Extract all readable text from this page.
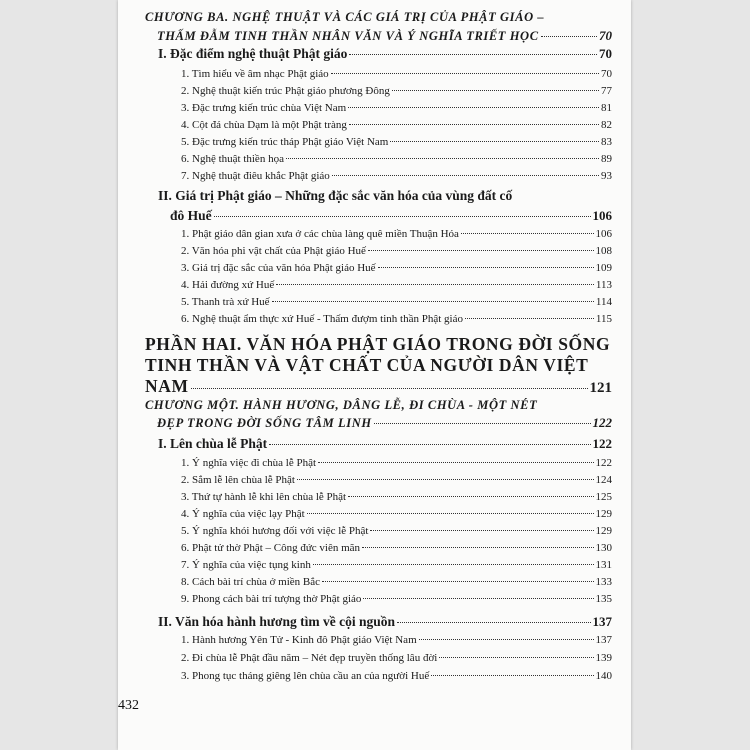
CHƯƠNG BA. NGHỆ THUẬT VÀ CÁC GIÁ TRỊ CỦA PHẬT GIÁO –
THẤM ĐẪM TINH THẦN NHÂN VĂN VÀ Ý NGHĨA TRIẾT HỌC	70
I. Đặc điểm nghệ thuật Phật giáo	70
1. Tìm hiểu về âm nhạc Phật giáo	70
2. Nghệ thuật kiến trúc Phật giáo phương Đông	77
3. Đặc trưng kiến trúc chùa Việt Nam	81
4. Cột đá chùa Dạm là một Phật tràng	82
5. Đặc trưng kiến trúc tháp Phật giáo Việt Nam	83
6. Nghệ thuật thiền họa	89
7. Nghệ thuật điêu khắc Phật giáo	93
II. Giá trị Phật giáo – Những đặc sắc văn hóa của vùng đất cố
đô Huế	106
1. Phật giáo dân gian xưa ở các chùa làng quê miền Thuận Hóa	106
2. Văn hóa phi vật chất của Phật giáo Huế	108
3. Giá trị đặc sắc của văn hóa Phật giáo Huế	109
4. Hải đường xứ Huế	113
5. Thanh trà xứ Huế	114
6. Nghệ thuật ẩm thực xứ Huế - Thấm đượm tinh thần Phật giáo	115
PHẦN HAI. VĂN HÓA PHẬT GIÁO TRONG ĐỜI SỐNG
TINH THẦN VÀ VẬT CHẤT CỦA NGƯỜI DÂN VIỆT
NAM	121
CHƯƠNG MỘT. HÀNH HƯƠNG, DÂNG LỄ, ĐI CHÙA - MỘT NÉT
ĐẸP TRONG ĐỜI SỐNG TÂM LINH	122
I. Lên chùa lễ Phật	122
1. Ý nghĩa việc đi chùa lễ Phật	122
2. Sắm lễ lên chùa lễ Phật	124
3. Thứ tự hành lễ khi lên chùa lễ Phật	125
4. Ý nghĩa của việc lạy Phật	129
5. Ý nghĩa khói hương đối với việc lễ Phật	129
6. Phật tử thờ Phật – Công đức viên mãn	130
7. Ý nghĩa của việc tụng kinh	131
8. Cách bài trí chùa ở miền Bắc	133
9. Phong cách bài trí tượng thờ Phật giáo	135
II. Văn hóa hành hương tìm về cội nguồn	137
1. Hành hương Yên Tử - Kinh đô Phật giáo Việt Nam	137
2. Đi chùa lễ Phật đầu năm – Nét đẹp truyền thống lâu đời	139
3. Phong tục tháng giêng lên chùa cầu an của người Huế	140
432
